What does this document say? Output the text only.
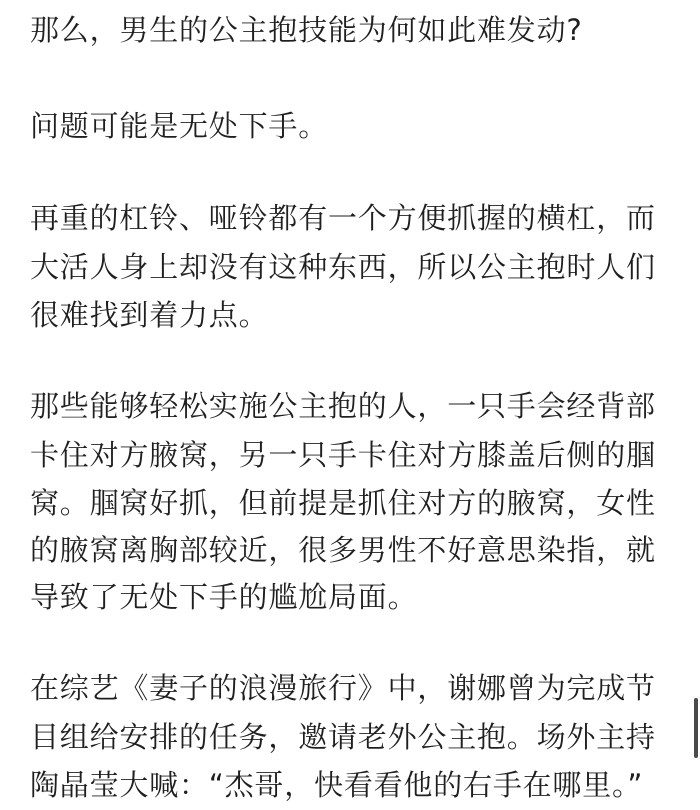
那么，男生的公主抱技能为何如此难发动?
问题可能是无处下手。
再重的杠铃、哑铃都有一个方便抓握的横杠，而
大活人身上却没有这种东西，所以公主抱时人们
很难找到着力点。
那些能够轻松实施公主抱的人，一只手会经背部
卡住对方腋窝，另一只手卡住对方膝盖后侧的腘
窝。腘窝好抓，但前提是抓住对方的腋窝，女性
的腋窝离胸部较近，很多男性不好意思染指，就
导致了无处下手的尴尬局面。
在综艺《妻子的浪漫旅行》中，谢娜曾为完成节
目组给安排的任务，邀请老外公主抱。场外主持
陶晶莹大喊：“杰哥，快看看他的右手在哪里。”
